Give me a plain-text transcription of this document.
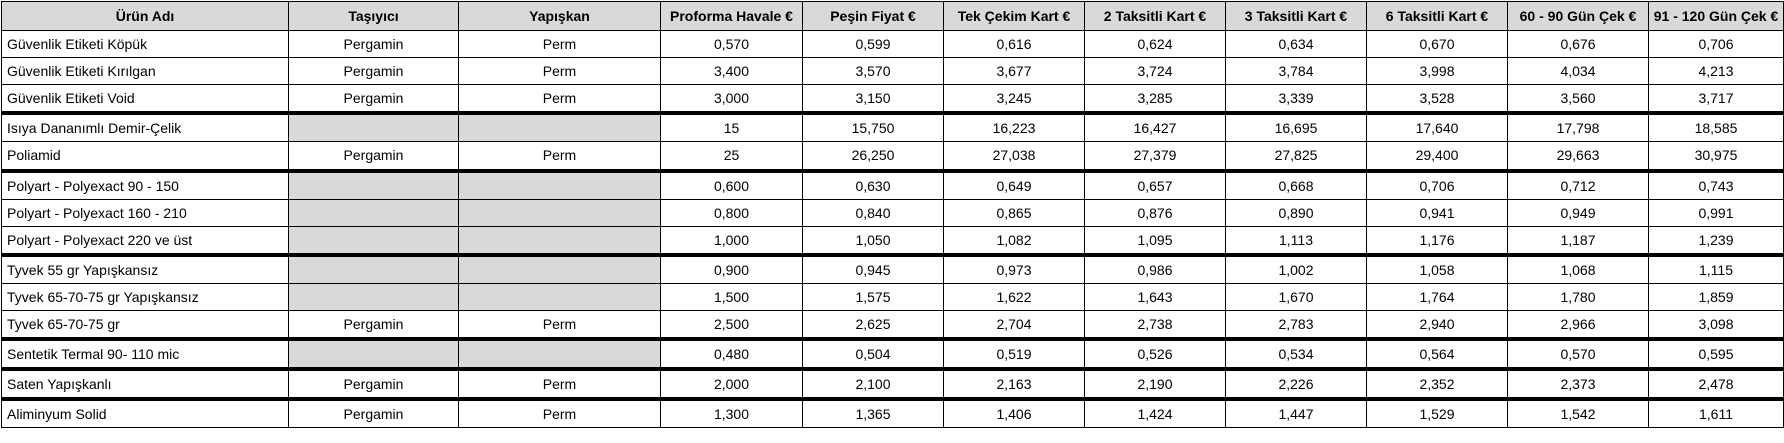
Ürün Adı	Taşıyıcı	Yapışkan	Proforma Havale €	Peşin Fiyat €	Tek Çekim Kart €	2 Taksitli Kart €	3 Taksitli Kart €	6 Taksitli Kart €	60 - 90 Gün Çek €	91 - 120 Gün Çek €
Güvenlik Etiketi Köpük	Pergamin	Perm	0,570	0,599	0,616	0,624	0,634	0,670	0,676	0,706
Güvenlik Etiketi Kırılgan	Pergamin	Perm	3,400	3,570	3,677	3,724	3,784	3,998	4,034	4,213
Güvenlik Etiketi Void	Pergamin	Perm	3,000	3,150	3,245	3,285	3,339	3,528	3,560	3,717
Isıya Dananımlı Demir-Çelik			15	15,750	16,223	16,427	16,695	17,640	17,798	18,585
Poliamid	Pergamin	Perm	25	26,250	27,038	27,379	27,825	29,400	29,663	30,975
Polyart - Polyexact 90 - 150			0,600	0,630	0,649	0,657	0,668	0,706	0,712	0,743
Polyart - Polyexact 160 - 210			0,800	0,840	0,865	0,876	0,890	0,941	0,949	0,991
Polyart - Polyexact 220 ve üst			1,000	1,050	1,082	1,095	1,113	1,176	1,187	1,239
Tyvek 55 gr Yapışkansız			0,900	0,945	0,973	0,986	1,002	1,058	1,068	1,115
Tyvek 65-70-75 gr Yapışkansız			1,500	1,575	1,622	1,643	1,670	1,764	1,780	1,859
Tyvek 65-70-75 gr	Pergamin	Perm	2,500	2,625	2,704	2,738	2,783	2,940	2,966	3,098
Sentetik Termal 90- 110 mic			0,480	0,504	0,519	0,526	0,534	0,564	0,570	0,595
Saten Yapışkanlı	Pergamin	Perm	2,000	2,100	2,163	2,190	2,226	2,352	2,373	2,478
Aliminyum Solid	Pergamin	Perm	1,300	1,365	1,406	1,424	1,447	1,529	1,542	1,611
